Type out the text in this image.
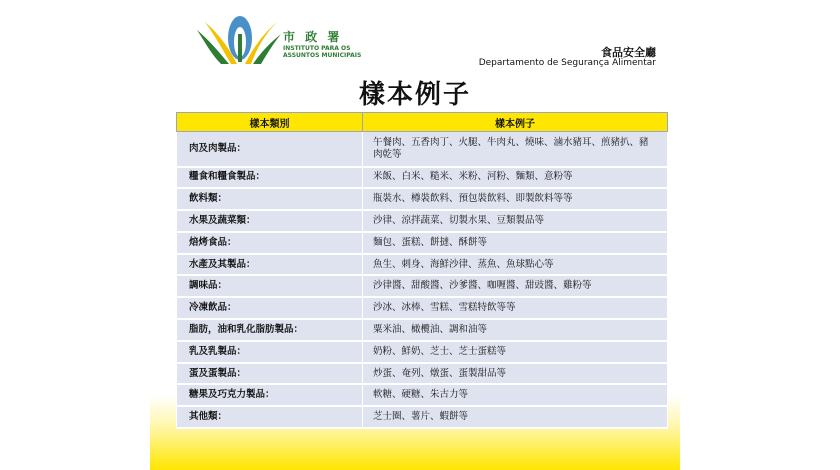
市 政 署
INSTITUTO PARA OS
ASSUNTOS MUNICIPAIS	食品安全廳
Departamento de Segurança Alimentar
樣本例子
樣本類別	樣本例子
肉及肉製品：	午餐肉、五香肉丁、火腿、牛肉丸、燒味、滷水豬耳、煎豬扒、豬肉乾等
糧食和糧食製品：	米飯、白米、糙米、米粉、河粉、麵類、意粉等
飲料類：	瓶裝水、樽裝飲料、預包裝飲料、即製飲料等等
水果及蔬菜類：	沙律、涼拌蔬菜、切製水果、豆類製品等
焙烤食品：	麵包、蛋糕、餅撻、酥餅等
水產及其製品：	魚生、刺身、海鮮沙律、蒸魚、魚球點心等
調味品：	沙律醬、甜酸醬、沙爹醬、咖喱醬、甜豉醬、雞粉等
冷凍飲品：	沙冰、冰棒、雪糕、雪糕特飲等等
脂肪，油和乳化脂肪製品：	粟米油、橄欖油、調和油等
乳及乳製品：	奶粉、鮮奶、芝士、芝士蛋糕等
蛋及蛋製品：	炒蛋、奄列、燉蛋、蛋製甜品等
糖果及巧克力製品：	軟糖、硬糖、朱古力等
其他類：	芝士圈、薯片、蝦餅等
